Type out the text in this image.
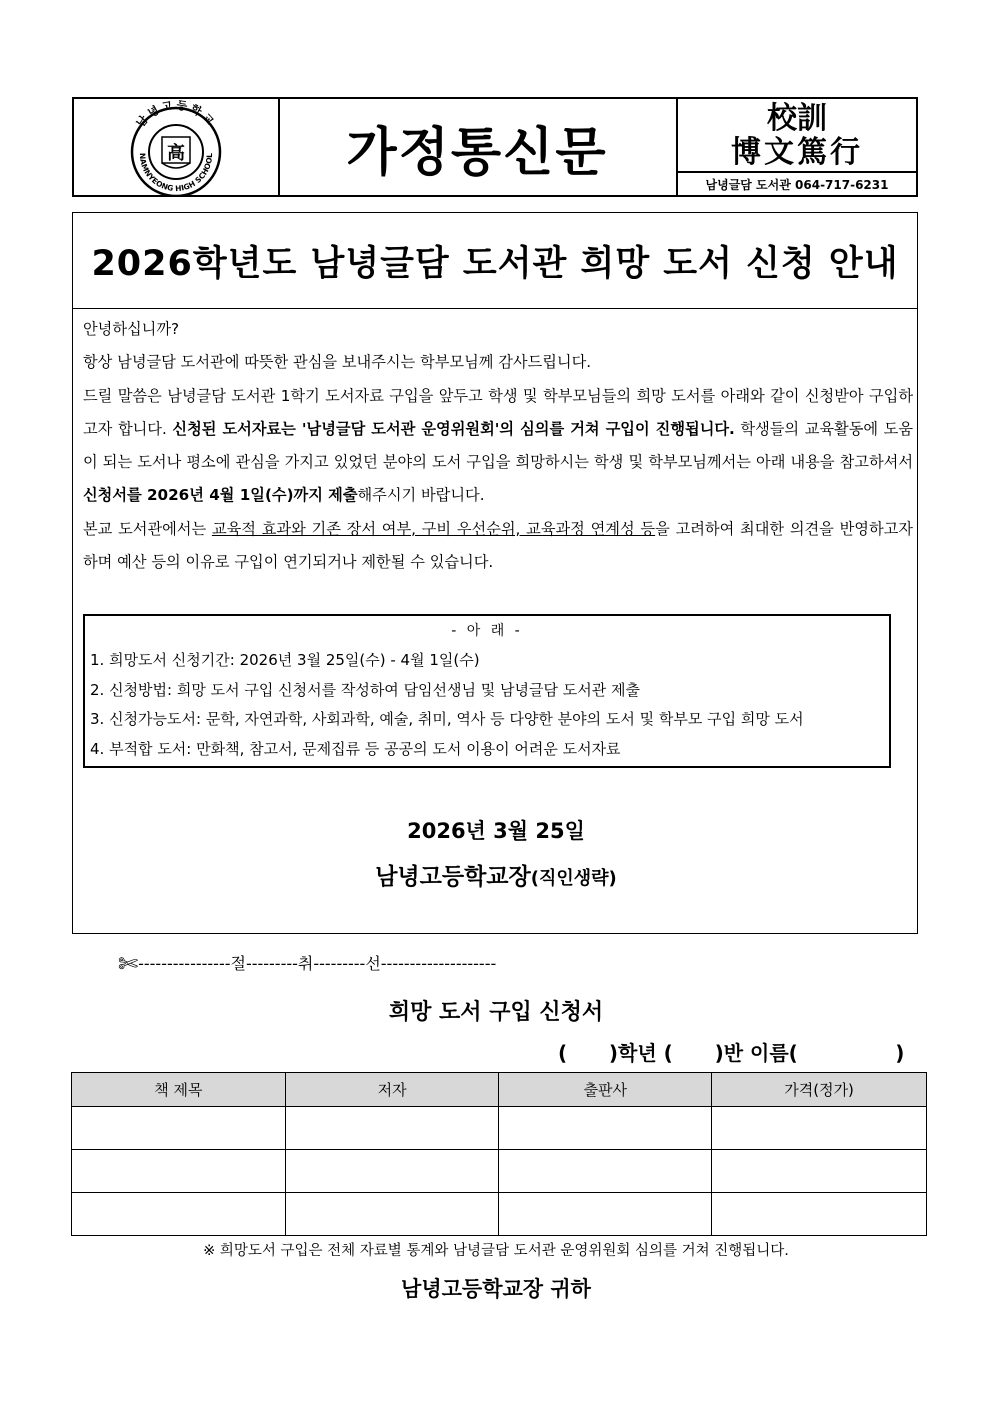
남녕고등학교
NAMNYEONG HIGH SCHOOL
高	가정통신문
校訓
博文篤行
남녕글담 도서관 064-717-6231
2026학년도 남녕글담 도서관 희망 도서 신청 안내

안녕하십니까?

항상 남녕글담 도서관에 따뜻한 관심을 보내주시는 학부모님께 감사드립니다.

드릴 말씀은 남녕글담 도서관 1학기 도서자료 구입을 앞두고 학생 및 학부모님들의 희망 도서를 아래와 같이 신청받아 구입하고자 합니다. 신청된 도서자료는 '남녕글담 도서관 운영위원회'의 심의를 거쳐 구입이 진행됩니다. 학생들의 교육활동에 도움이 되는 도서나 평소에 관심을 가지고 있었던 분야의 도서 구입을 희망하시는 학생 및 학부모님께서는 아래 내용을 참고하셔서 신청서를 2026년 4월 1일(수)까지 제출해주시기 바랍니다.

본교 도서관에서는 교육적 효과와 기존 장서 여부, 구비 우선순위, 교육과정 연계성 등을 고려하여 최대한 의견을 반영하고자 하며 예산 등의 이유로 구입이 연기되거나 제한될 수 있습니다.

- 아 래 -
1. 희망도서 신청기간: 2026년 3월 25일(수) - 4월 1일(수)
2. 신청방법: 희망 도서 구입 신청서를 작성하여 담임선생님 및 남녕글담 도서관 제출
3. 신청가능도서: 문학, 자연과학, 사회과학, 예술, 취미, 역사 등 다양한 분야의 도서 및 학부모 구입 희망 도서
4. 부적합 도서: 만화책, 참고서, 문제집류 등 공공의 도서 이용이 어려운 도서자료
2026년 3월 25일
남녕고등학교장(직인생략)
✄----------------절---------취---------선--------------------
희망 도서 구입 신청서
(      )학년 (      )반 이름(              )
책 제목	저자	출판사	가격(정가)

※ 희망도서 구입은 전체 자료별 통계와 남녕글담 도서관 운영위원회 심의를 거쳐 진행됩니다.
남녕고등학교장 귀하
